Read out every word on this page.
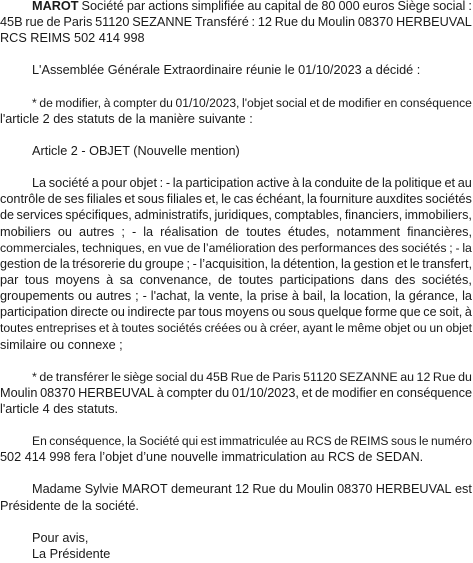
MAROT Société par actions simplifiée au capital de 80 000 euros Siège social :
45B rue de Paris 51120 SEZANNE Transféré : 12 Rue du Moulin 08370 HERBEUVAL
RCS REIMS 502 414 998
L'Assemblée Générale Extraordinaire réunie le 01/10/2023 a décidé :
* de modifier, à compter du 01/10/2023, l'objet social et de modifier en conséquence
l'article 2 des statuts de la manière suivante :
Article 2 - OBJET (Nouvelle mention)
La société a pour objet : - la participation active à la conduite de la politique et au
contrôle de ses filiales et sous filiales et, le cas échéant, la fourniture auxdites sociétés
de services spécifiques, administratifs, juridiques, comptables, financiers, immobiliers,
mobiliers ou autres ; - la réalisation de toutes études, notamment financières,
commerciales, techniques, en vue de l’amélioration des performances des sociétés ; - la
gestion de la trésorerie du groupe ; - l’acquisition, la détention, la gestion et le transfert,
par tous moyens à sa convenance, de toutes participations dans des sociétés,
groupements ou autres ; - l'achat, la vente, la prise à bail, la location, la gérance, la
participation directe ou indirecte par tous moyens ou sous quelque forme que ce soit, à
toutes entreprises et à toutes sociétés créées ou à créer, ayant le même objet ou un objet
similaire ou connexe ;
* de transférer le siège social du 45B Rue de Paris 51120 SEZANNE au 12 Rue du
Moulin 08370 HERBEUVAL à compter du 01/10/2023, et de modifier en conséquence
l'article 4 des statuts.
En conséquence, la Société qui est immatriculée au RCS de REIMS sous le numéro
502 414 998 fera l’objet d’une nouvelle immatriculation au RCS de SEDAN.
Madame Sylvie MAROT demeurant 12 Rue du Moulin 08370 HERBEUVAL est
Présidente de la société.
Pour avis,
La Présidente
